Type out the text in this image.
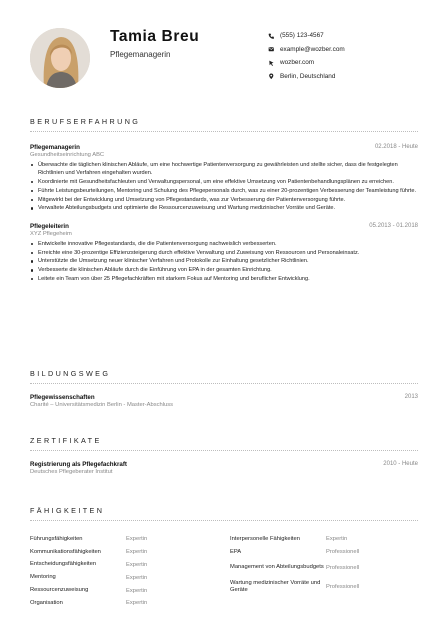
Tamia Breu
Pflegemanagerin
(555) 123-4567
example@wozber.com
wozber.com
Berlin, Deutschland
BERUFSERFAHRUNG
Pflegemanagerin	02.2018 - Heute
Gesundheitseinrichtung ABC
Überwachte die täglichen klinischen Abläufe, um eine hochwertige Patientenversorgung zu gewährleisten und stellte sicher, dass die festgelegten Richtlinien und Verfahren eingehalten wurden.
Koordinierte mit Gesundheitsfachleuten und Verwaltungspersonal, um eine effektive Umsetzung von Patientenbehandlungsplänen zu erreichen.
Führte Leistungsbeurteilungen, Mentoring und Schulung des Pflegepersonals durch, was zu einer 20-prozentigen Verbesserung der Teamleistung führte.
Mitgewirkt bei der Entwicklung und Umsetzung von Pflegestandards, was zur Verbesserung der Patientenversorgung führte.
Verwaltete Abteilungsbudgets und optimierte die Ressourcenzuweisung und Wartung medizinischer Vorräte und Geräte.
Pflegeleiterin	05.2013 - 01.2018
XYZ Pflegeheim
Entwickelte innovative Pflegestandards, die die Patientenversorgung nachweislich verbesserten.
Erreichte eine 30-prozentige Effizienzsteigerung durch effektive Verwaltung und Zuweisung von Ressourcen und Personaleinsatz.
Unterstützte die Umsetzung neuer klinischer Verfahren und Protokolle zur Einhaltung gesetzlicher Richtlinien.
Verbesserte die klinischen Abläufe durch die Einführung von EPA in der gesamten Einrichtung.
Leitete ein Team von über 25 Pflegefachkräften mit starkem Fokus auf Mentoring und beruflicher Entwicklung.
BILDUNGSWEG
Pflegewissenschaften	2013
Charité – Universitätsmedizin Berlin - Master-Abschluss
ZERTIFIKATE
Registrierung als Pflegefachkraft	2010 - Heute
Deutsches Pflegeberater Institut
FÄHIGKEITEN
Führungsfähigkeiten	Expertin
Kommunikationsfähigkeiten	Expertin
Entscheidungsfähigkeiten	Expertin
Mentoring	Expertin
Ressourcenzuweisung	Expertin
Organisation	Expertin
Interpersonelle Fähigkeiten	Expertin
EPA	Professionell
Management von Abteilungsbudgets Professionell
Wartung medizinischer Vorräte und Geräte	Professionell
